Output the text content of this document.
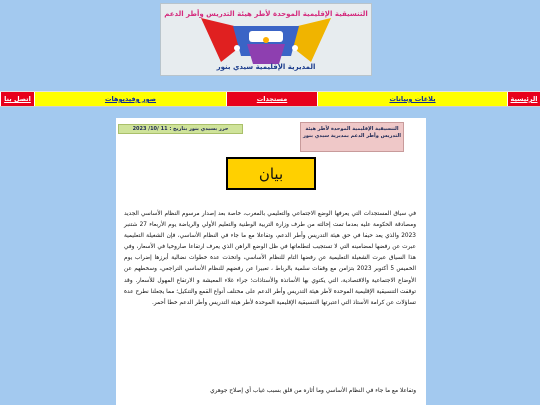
التنسيقية الإقليمية الموحدة لأطر هيئة التدريس وأطر الدعم
المديرية الإقليمية سيدي بنور
الرئيسية
بلاغات وبيانات
مستجدات
صور وفيديوهات
اتصل بنا
التنسيقية الإقليمية الموحدة لأطر هيئة التدريس وأطر الدعم بمديرية سيدي بنور
حرر بسيدي بنور بتاريخ : 11 /10/ 2023
بيان
في سياق المستجدات التي يعرفها الوضع الاجتماعي والتعليمي بالمغرب، خاصة بعد إصدار مرسوم النظام الأساسي الجديد ومصادقة الحكومة عليه بعدما تمت إحالته من طرف وزارة التربية الوطنية والتعليم الأولي والرياضة يوم الأربعاء 27 شتنبر 2023 والذي يعد حيفا في حق هيئة التدريس وأطر الدعم، وتفاعلا مع ما جاء في النظام الأساسي، فإن الشغيلة التعليمية عبرت عن رفضها لمضامينه التي لا تستجيب لتطلعاتها في ظل الوضع الراهن الذي يعرف ارتفاعا صاروخيا في الأسعار، وفي هذا السياق عبرت الشغيلة التعليمية عن رفضها التام للنظام الأساسي، واتخذت عدة خطوات نضالية أبرزها إضراب يوم الخميس 5 أكتوبر 2023 بتزامن مع وقفات سلمية بالرباط ، تعبيرا عن رفضهم للنظام الأساسي التراجعي، وسخطهم عن الأوضاع الاجتماعية والاقتصادية، التي يكتوي بها الأساتذة والأستاذات؛ جراء غلاء المعيشة و الارتفاع المهول للأسعار. وقد توقفت التنسيقية الإقليمية الموحدة لأطر هيئة التدريس وأطر الدعم على مختلف أنواع القمع والتنكيل؛ مما يجعلنا نطرح عدة تساؤلات عن كرامة الأستاذ التي اعتبرتها التنسيقية الإقليمية الموحدة لأطر هيئة التدريس وأطر الدعم خطا أحمر.
وتفاعلا مع ما جاء في النظام الأساسي وما أثاره من قلق بسبب غياب أي إصلاح جوهري
